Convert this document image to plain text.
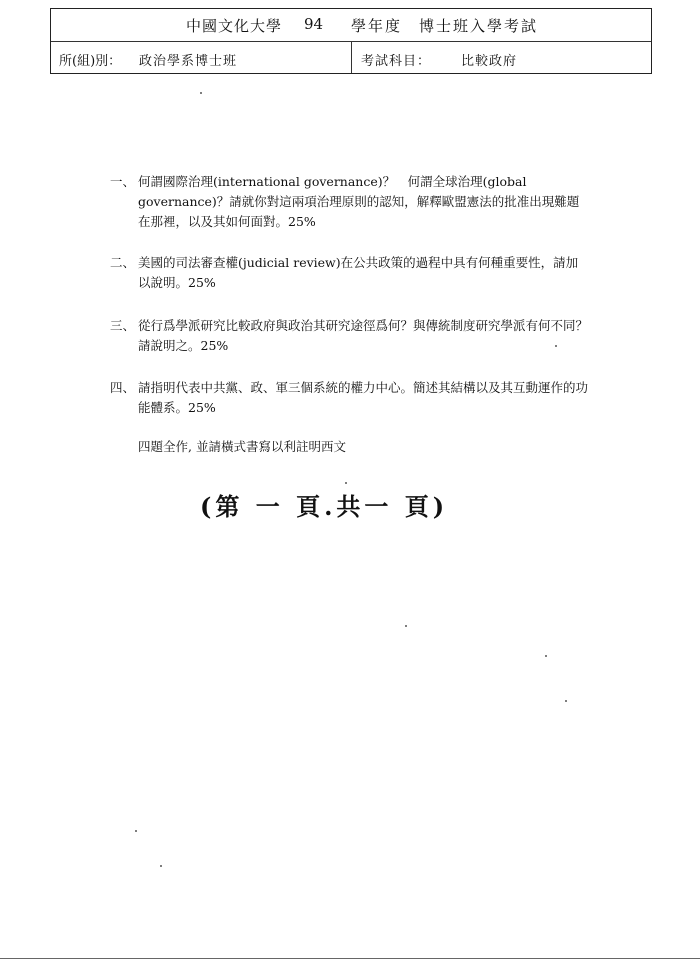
中國文化大學 94 學年度 博士班入學考試
所(組)別： 政治學系博士班	考試科目： 比較政府
一、 何謂國際治理(international governance)？　何謂全球治理(global governance)？請就你對這兩項治理原則的認知，解釋歐盟憲法的批准出現難題在那裡，以及其如何面對。25%
二、 美國的司法審查權(judicial review)在公共政策的過程中具有何種重要性，請加以說明。25%
三、 從行爲學派研究比較政府與政治其研究途徑爲何？與傳統制度研究學派有何不同？　請說明之。25%
四、 請指明代表中共黨、政、軍三個系統的權力中心。簡述其結構以及其互動運作的功能體系。25%
四題全作, 並請橫式書寫以利註明西文
(第 一 頁.共一 頁)
